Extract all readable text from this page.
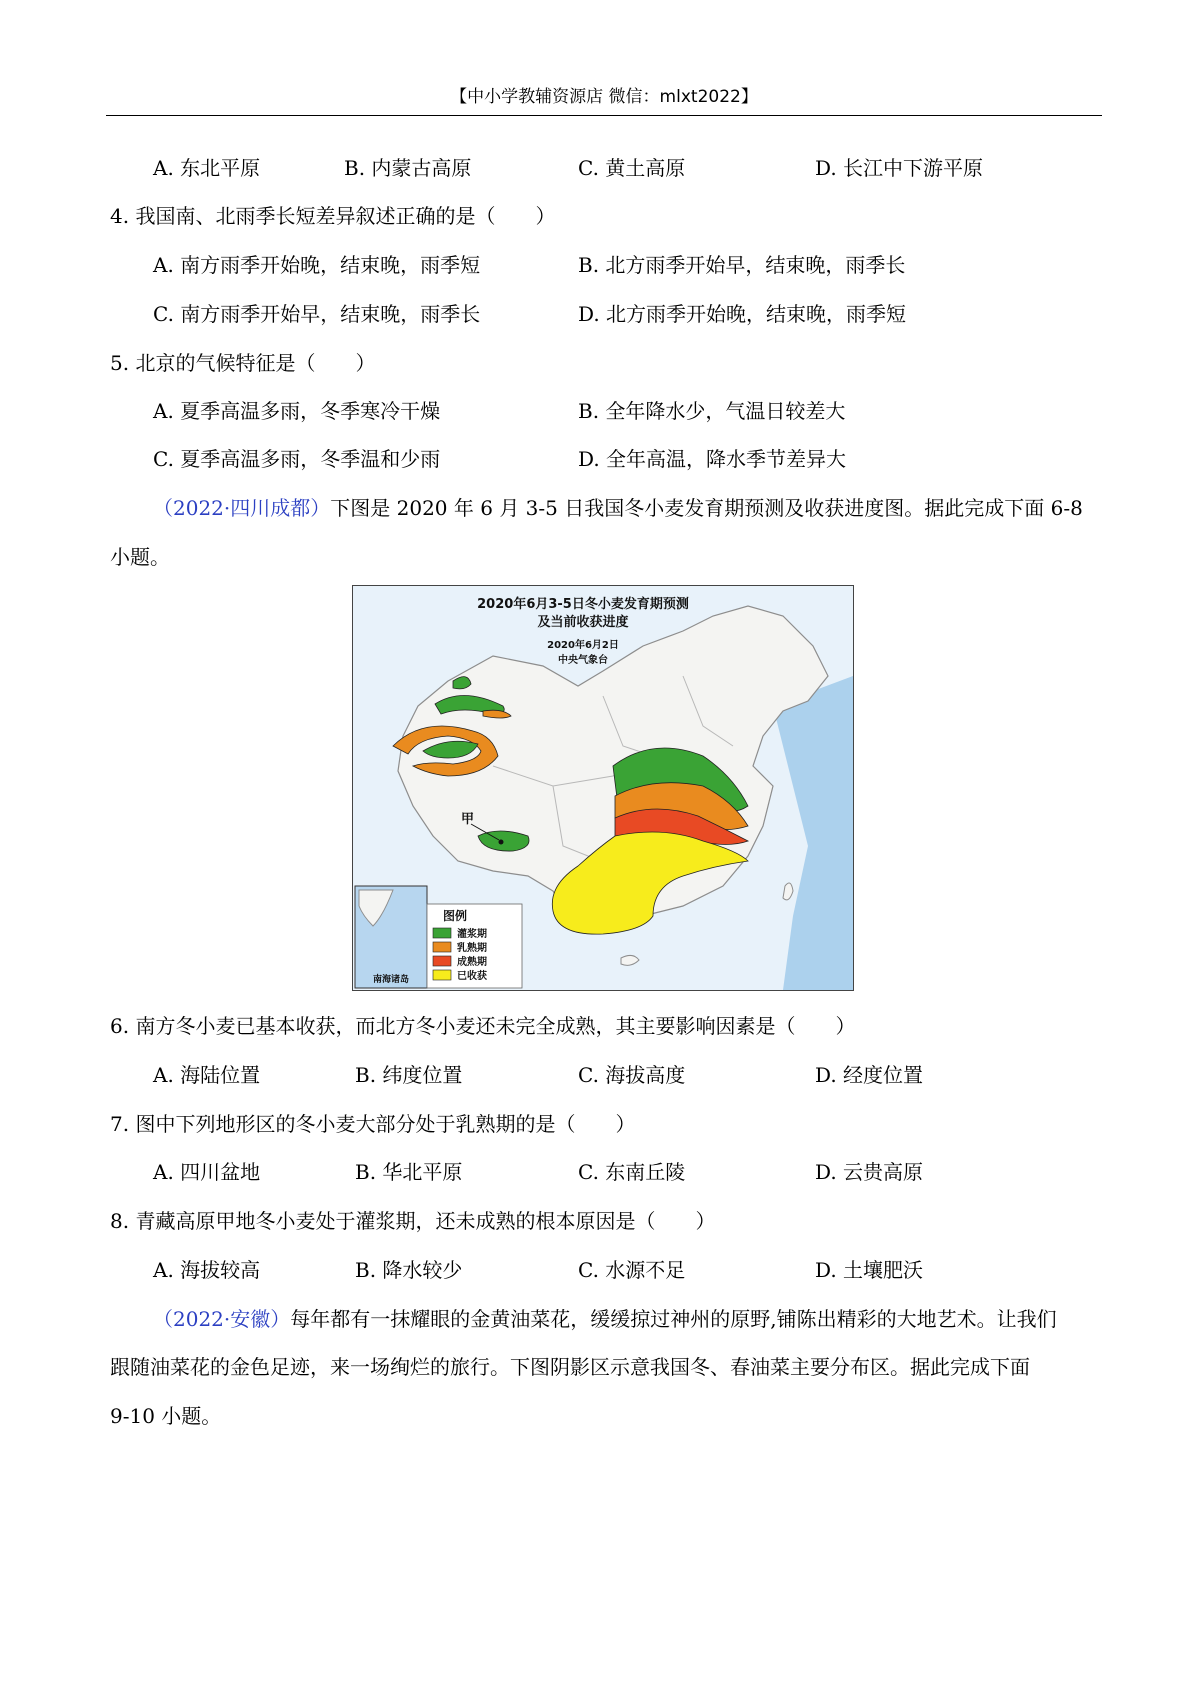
【中小学教辅资源店 微信：mlxt2022】
A. 东北平原	B. 内蒙古高原	C. 黄土高原	D. 长江中下游平原
4. 我国南、北雨季长短差异叙述正确的是（　　）
A. 南方雨季开始晚，结束晚，雨季短	B. 北方雨季开始早，结束晚，雨季长
C. 南方雨季开始早，结束晚，雨季长	D. 北方雨季开始晚，结束晚，雨季短
5. 北京的气候特征是（　　）
A. 夏季高温多雨，冬季寒冷干燥	B. 全年降水少，气温日较差大
C. 夏季高温多雨，冬季温和少雨	D. 全年高温，降水季节差异大
（2022·四川成都）下图是 2020 年 6 月 3-5 日我国冬小麦发育期预测及收获进度图。据此完成下面 6-8
小题。
甲
2020年6月3-5日冬小麦发育期预测
及当前收获进度
2020年6月2日
中央气象台
南海诸岛
图例
灌浆期
乳熟期
成熟期
已收获
6. 南方冬小麦已基本收获，而北方冬小麦还未完全成熟，其主要影响因素是（　　）
A. 海陆位置	B. 纬度位置	C. 海拔高度	D. 经度位置
7. 图中下列地形区的冬小麦大部分处于乳熟期的是（　　）
A. 四川盆地	B. 华北平原	C. 东南丘陵	D. 云贵高原
8. 青藏高原甲地冬小麦处于灌浆期，还未成熟的根本原因是（　　）
A. 海拔较高	B. 降水较少	C. 水源不足	D. 土壤肥沃
（2022·安徽）每年都有一抹耀眼的金黄油菜花，缓缓掠过神州的原野,铺陈出精彩的大地艺术。让我们
跟随油菜花的金色足迹，来一场绚烂的旅行。下图阴影区示意我国冬、春油菜主要分布区。据此完成下面
9-10 小题。
